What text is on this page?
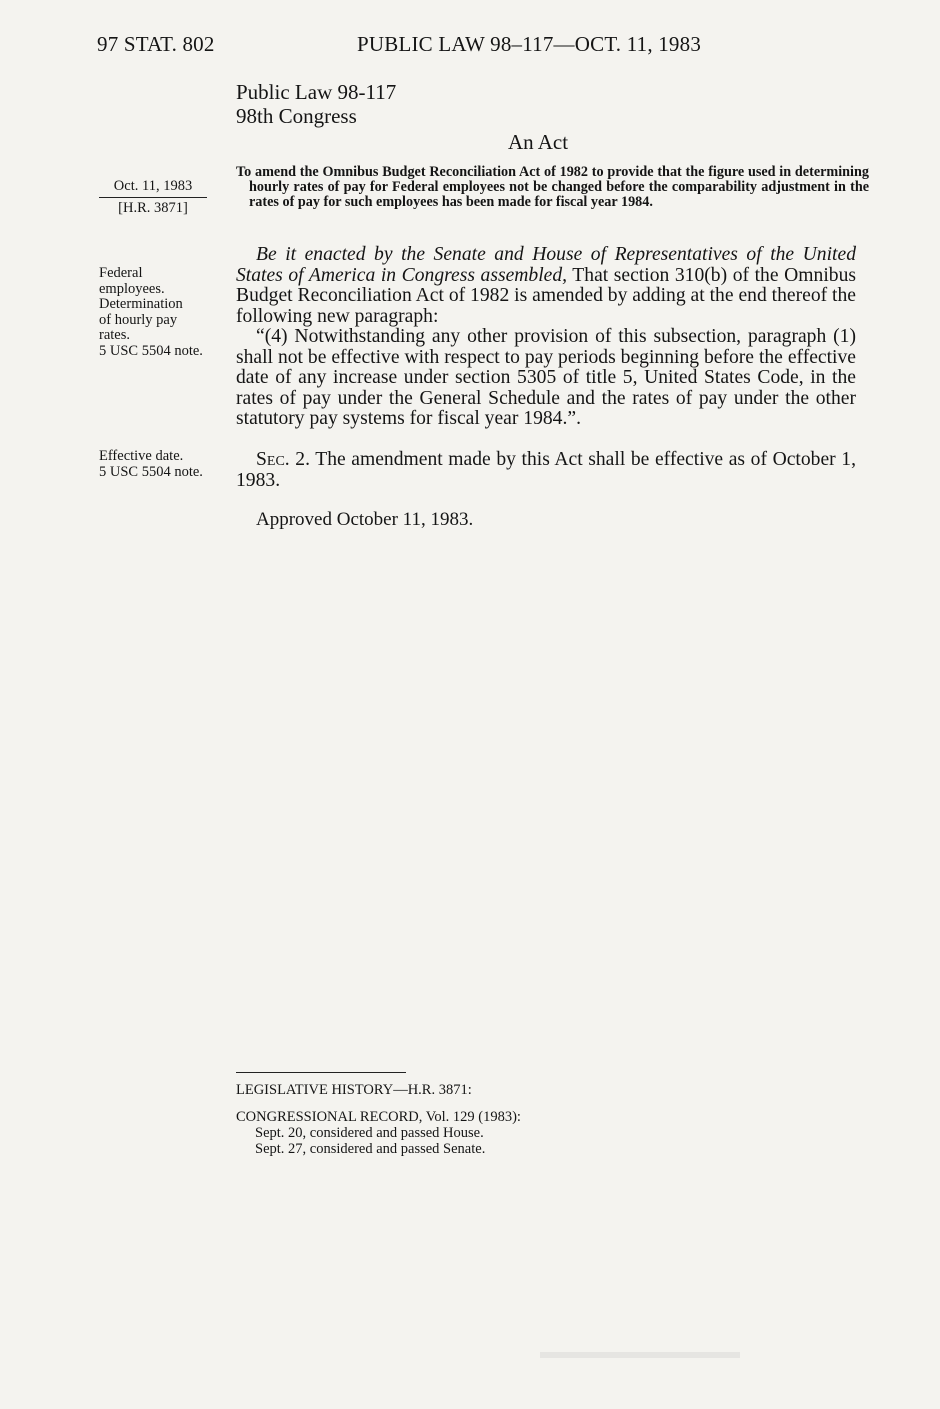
97 STAT. 802	PUBLIC LAW 98–117—OCT. 11, 1983
Public Law 98-117
98th Congress
An Act
Oct. 11, 1983
[H.R. 3871]
To amend the Omnibus Budget Reconciliation Act of 1982 to provide that the figure used in determining hourly rates of pay for Federal employees not be changed before the comparability adjustment in the rates of pay for such employees has been made for fiscal year 1984.
Federal
employees.
Determination
of hourly pay
rates.
5 USC 5504 note.
Be it enacted by the Senate and House of Representatives of the United States of America in Congress assembled, That section 310(b) of the Omnibus Budget Reconciliation Act of 1982 is amended by adding at the end thereof the following new paragraph:
“(4) Notwithstanding any other provision of this subsection, paragraph (1) shall not be effective with respect to pay periods beginning before the effective date of any increase under section 5305 of title 5, United States Code, in the rates of pay under the General Schedule and the rates of pay under the other statutory pay systems for fiscal year 1984.”.
Effective date.
5 USC 5504 note.
Sec. 2. The amendment made by this Act shall be effective as of October 1, 1983.
Approved October 11, 1983.
LEGISLATIVE HISTORY—H.R. 3871:
CONGRESSIONAL RECORD, Vol. 129 (1983):
Sept. 20, considered and passed House.
Sept. 27, considered and passed Senate.
